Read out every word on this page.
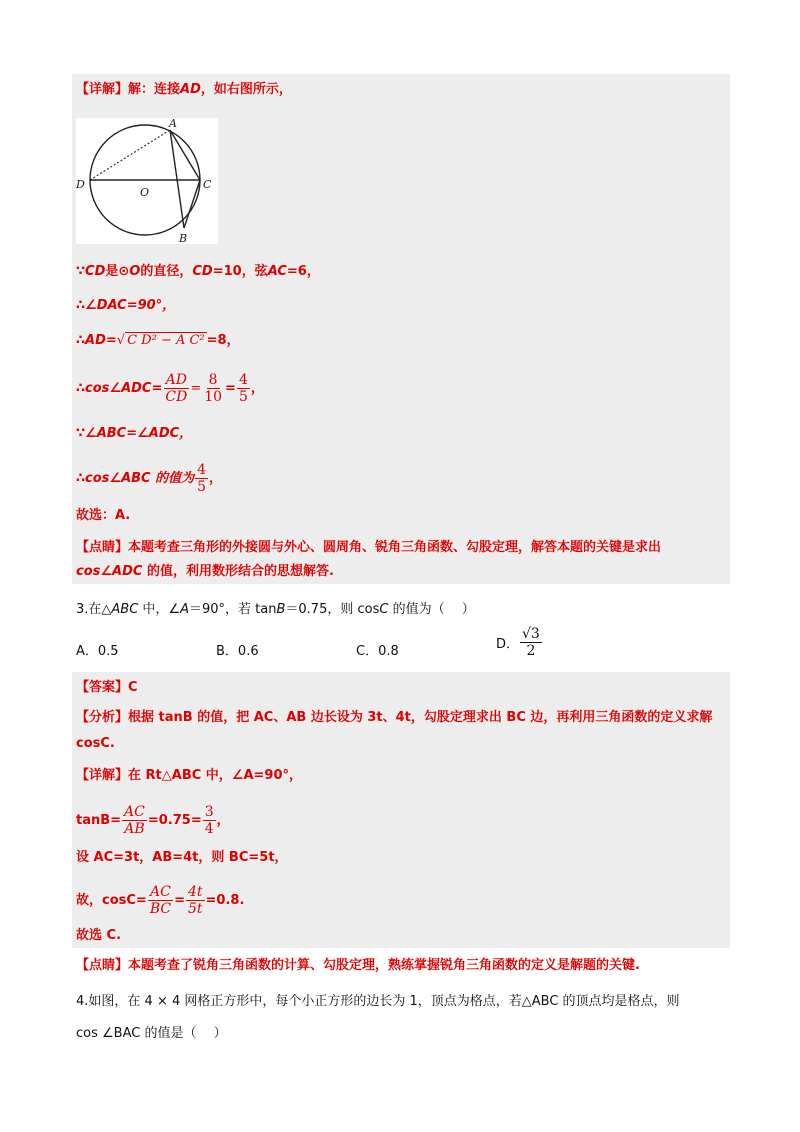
【详解】解：连接AD，如右图所示，
A
D
O
C
B
∵CD是⊙O的直径，CD=10，弦AC=6，
∴∠DAC=90°，
∴AD=√ C D² − A C² =8，
∴cos∠ADC= $\frac{AD}{CD} = \frac{8}{10} = \frac{4}{5}$ ，
∵∠ABC=∠ADC，
∴cos∠ABC 的值为 $\frac{4}{5}$ ，
故选：A.
【点睛】本题考查三角形的外接圆与外心、圆周角、锐角三角函数、勾股定理，解答本题的关键是求出
cos∠ADC 的值，利用数形结合的思想解答.
3.在△ABC 中，∠A＝90°，若 tanB＝0.75，则 cosC 的值为（　 ）
A．0.5	B．0.6	C．0.8	D． $\frac{√3}{2}$
【答案】C
【分析】根据 tanB 的值，把 AC、AB 边长设为 3t、4t，勾股定理求出 BC 边，再利用三角函数的定义求解
cosC.
【详解】在 Rt△ABC 中，∠A=90°，
$\tan B= \frac{AC}{AB} =0.75= \frac{3}{4}$ ，
设 AC=3t，AB=4t，则 BC=5t，
故，$\cos C= \frac{AC}{BC} = \frac{4t}{5t} =0.8$.
故选 C.
【点睛】本题考查了锐角三角函数的计算、勾股定理，熟练掌握锐角三角函数的定义是解题的关键.
4.如图，在 4 × 4 网格正方形中，每个小正方形的边长为 1，顶点为格点，若△ABC 的顶点均是格点，则
cos ∠BAC 的值是（　 ）
